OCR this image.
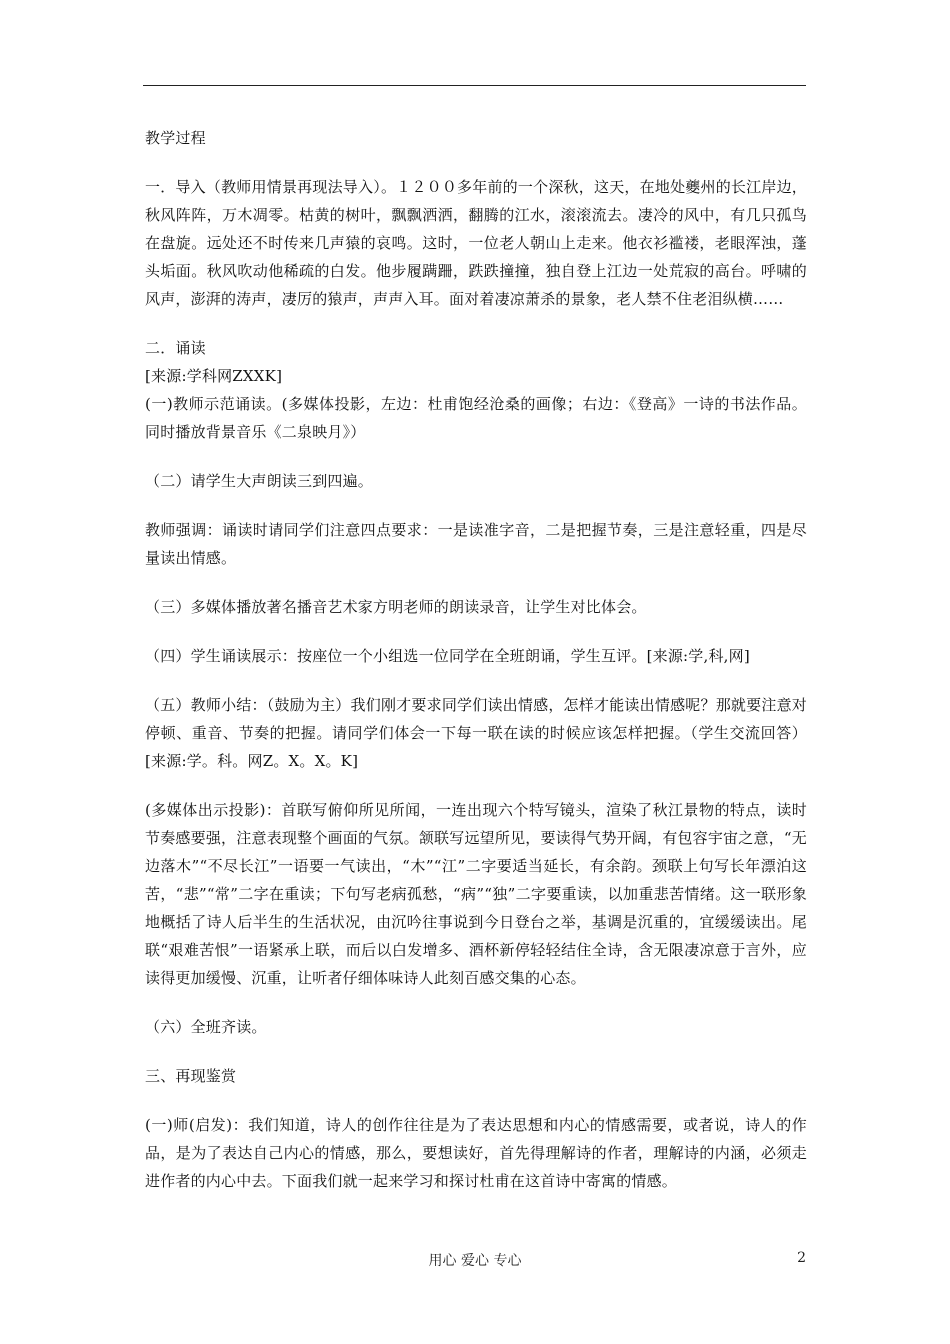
教学过程

一．导入（教师用情景再现法导入）。１２００多年前的一个深秋，这天，在地处夔州的长江岸边，秋风阵阵，万木凋零。枯黄的树叶，飘飘洒洒，翻腾的江水，滚滚流去。凄冷的风中，有几只孤鸟在盘旋。远处还不时传来几声猿的哀鸣。这时，一位老人朝山上走来。他衣衫褴褛，老眼浑浊，蓬头垢面。秋风吹动他稀疏的白发。他步履蹒跚，跌跌撞撞，独自登上江边一处荒寂的高台。呼啸的风声，澎湃的涛声，凄厉的猿声，声声入耳。面对着凄凉萧杀的景象，老人禁不住老泪纵横……

二．诵读

[来源:学科网ZXXK]

(一)教师示范诵读。(多媒体投影，左边：杜甫饱经沧桑的画像；右边：《登高》一诗的书法作品。同时播放背景音乐《二泉映月》）

（二）请学生大声朗读三到四遍。

教师强调：诵读时请同学们注意四点要求：一是读准字音，二是把握节奏，三是注意轻重，四是尽量读出情感。

（三）多媒体播放著名播音艺术家方明老师的朗读录音，让学生对比体会。

（四）学生诵读展示：按座位一个小组选一位同学在全班朗诵，学生互评。[来源:学,科,网]

（五）教师小结：（鼓励为主）我们刚才要求同学们读出情感，怎样才能读出情感呢？那就要注意对停顿、重音、节奏的把握。请同学们体会一下每一联在读的时候应该怎样把握。（学生交流回答）[来源:学。科。网Z。X。X。K]

(多媒体出示投影)：首联写俯仰所见所闻，一连出现六个特写镜头，渲染了秋江景物的特点，读时节奏感要强，注意表现整个画面的气氛。颔联写远望所见，要读得气势开阔，有包容宇宙之意，“无边落木”“不尽长江”一语要一气读出，“木”“江”二字要适当延长，有余韵。颈联上句写长年漂泊这苦，“悲”“常”二字在重读；下句写老病孤愁，“病”“独”二字要重读，以加重悲苦情绪。这一联形象地概括了诗人后半生的生活状况，由沉吟往事说到今日登台之举，基调是沉重的，宜缓缓读出。尾联“艰难苦恨”一语紧承上联，而后以白发增多、酒杯新停轻轻结住全诗，含无限凄凉意于言外，应读得更加缓慢、沉重，让听者仔细体味诗人此刻百感交集的心态。

（六）全班齐读。

三、再现鉴赏

(一)师(启发)：我们知道，诗人的创作往往是为了表达思想和内心的情感需要，或者说，诗人的作品，是为了表达自己内心的情感，那么，要想读好，首先得理解诗的作者，理解诗的内涵，必须走进作者的内心中去。下面我们就一起来学习和探讨杜甫在这首诗中寄寓的情感。

用心 爱心 专心	2
